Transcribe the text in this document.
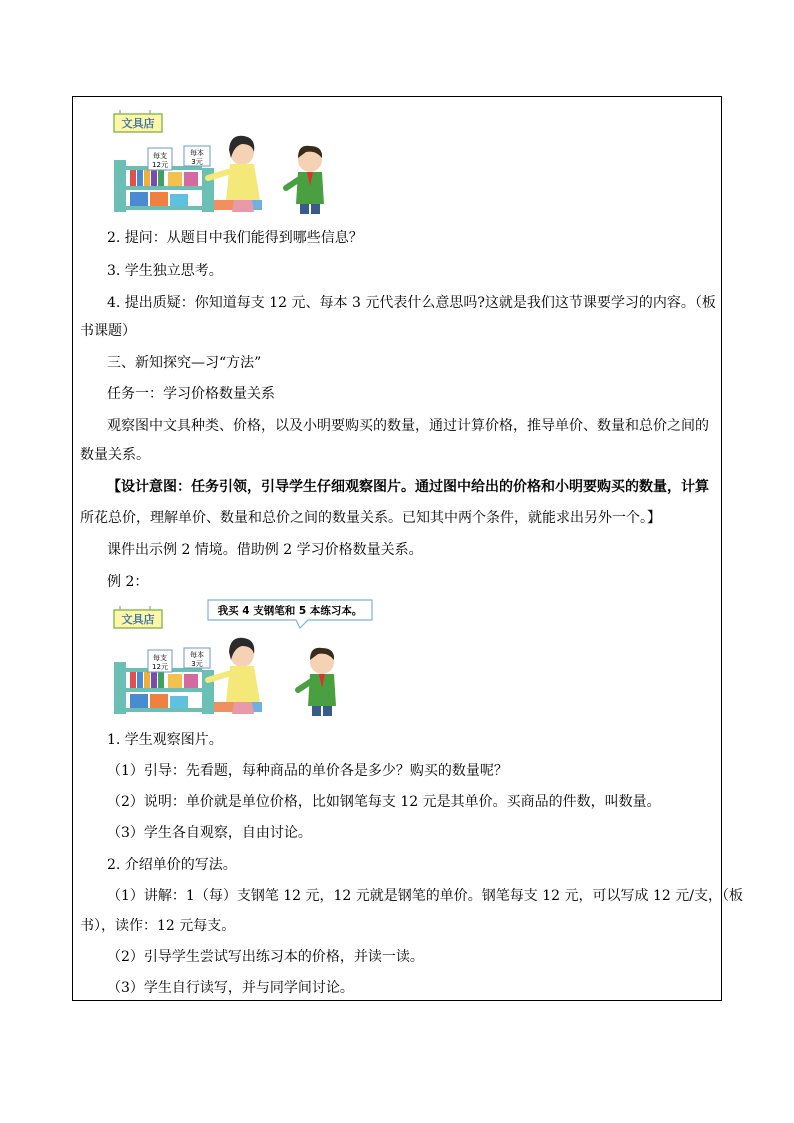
文具店
每支
12元
每本
3元
2. 提问：从题目中我们能得到哪些信息？
3. 学生独立思考。
4. 提出质疑：你知道每支 12 元、每本 3 元代表什么意思吗?这就是我们这节课要学习的内容。（板
书课题）
三、新知探究—习“方法”
任务一：学习价格数量关系
观察图中文具种类、价格，以及小明要购买的数量，通过计算价格，推导单价、数量和总价之间的
数量关系。
【设计意图：任务引领，引导学生仔细观察图片。通过图中给出的价格和小明要购买的数量，计算
所花总价，理解单价、数量和总价之间的数量关系。已知其中两个条件，就能求出另外一个。】
课件出示例 2 情境。借助例 2 学习价格数量关系。
例 2：
我买 4 支钢笔和 5 本练习本。
文具店
每支
12元
每本
3元
1. 学生观察图片。
（1）引导：先看题，每种商品的单价各是多少？购买的数量呢？
（2）说明：单价就是单位价格，比如钢笔每支 12 元是其单价。买商品的件数，叫数量。
（3）学生各自观察，自由讨论。
2. 介绍单价的写法。
（1）讲解：1（每）支钢笔 12 元，12 元就是钢笔的单价。钢笔每支 12 元，可以写成 12 元/支，（板
书），读作：12 元每支。
（2）引导学生尝试写出练习本的价格，并读一读。
（3）学生自行读写，并与同学间讨论。
